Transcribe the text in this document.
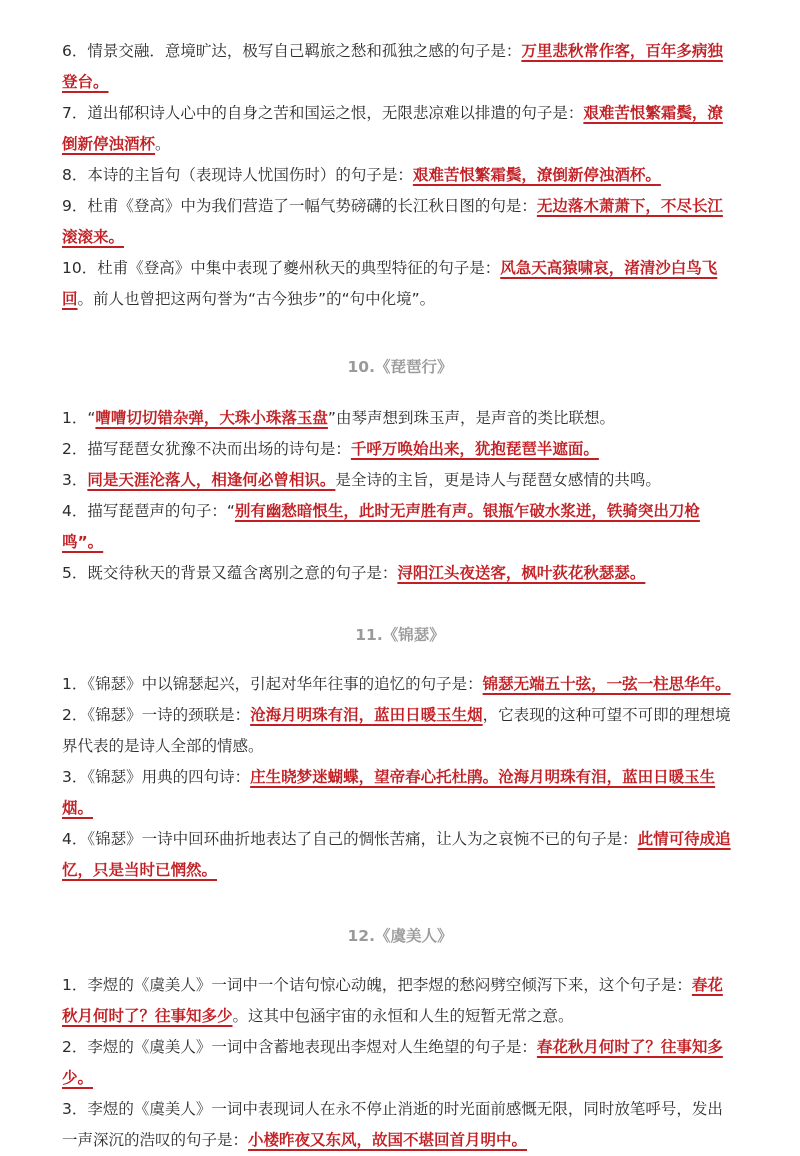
6．情景交融．意境旷达，极写自己羁旅之愁和孤独之感的句子是：万里悲秋常作客，百年多病独登台。

7．道出郁积诗人心中的自身之苦和国运之恨，无限悲凉难以排遣的句子是：艰难苦恨繁霜鬓，潦倒新停浊酒杯。

8．本诗的主旨句（表现诗人忧国伤时）的句子是：艰难苦恨繁霜鬓，潦倒新停浊酒杯。

9．杜甫《登高》中为我们营造了一幅气势磅礴的长江秋日图的句是：无边落木萧萧下，不尽长江滚滚来。

10．杜甫《登高》中集中表现了夔州秋天的典型特征的句子是：风急天高猿啸哀，渚清沙白鸟飞回。前人也曾把这两句誉为“古今独步”的“句中化境”。

10.《琵琶行》

1．“嘈嘈切切错杂弹，大珠小珠落玉盘”由琴声想到珠玉声，是声音的类比联想。

2．描写琵琶女犹豫不决而出场的诗句是：千呼万唤始出来，犹抱琵琶半遮面。

3．同是天涯沦落人，相逢何必曾相识。是全诗的主旨，更是诗人与琵琶女感情的共鸣。

4．描写琵琶声的句子：“别有幽愁暗恨生，此时无声胜有声。银瓶乍破水浆迸，铁骑突出刀枪鸣”。

5．既交待秋天的背景又蕴含离别之意的句子是：浔阳江头夜送客，枫叶荻花秋瑟瑟。

11.《锦瑟》

1．《锦瑟》中以锦瑟起兴，引起对华年往事的追忆的句子是：锦瑟无端五十弦，一弦一柱思华年。

2．《锦瑟》一诗的颈联是：沧海月明珠有泪，蓝田日暖玉生烟，它表现的这种可望不可即的理想境界代表的是诗人全部的情感。

3．《锦瑟》用典的四句诗：庄生晓梦迷蝴蝶，望帝春心托杜鹃。沧海月明珠有泪，蓝田日暖玉生烟。

4．《锦瑟》一诗中回环曲折地表达了自己的惆怅苦痛，让人为之哀惋不已的句子是：此情可待成追忆，只是当时已惘然。

12.《虞美人》

1．李煜的《虞美人》一词中一个诘句惊心动魄，把李煜的愁闷劈空倾泻下来，这个句子是：春花秋月何时了？往事知多少。这其中包涵宇宙的永恒和人生的短暂无常之意。

2．李煜的《虞美人》一词中含蓄地表现出李煜对人生绝望的句子是：春花秋月何时了？往事知多少。

3．李煜的《虞美人》一词中表现词人在永不停止消逝的时光面前感慨无限，同时放笔呼号，发出一声深沉的浩叹的句子是：小楼昨夜又东风，故国不堪回首月明中。
